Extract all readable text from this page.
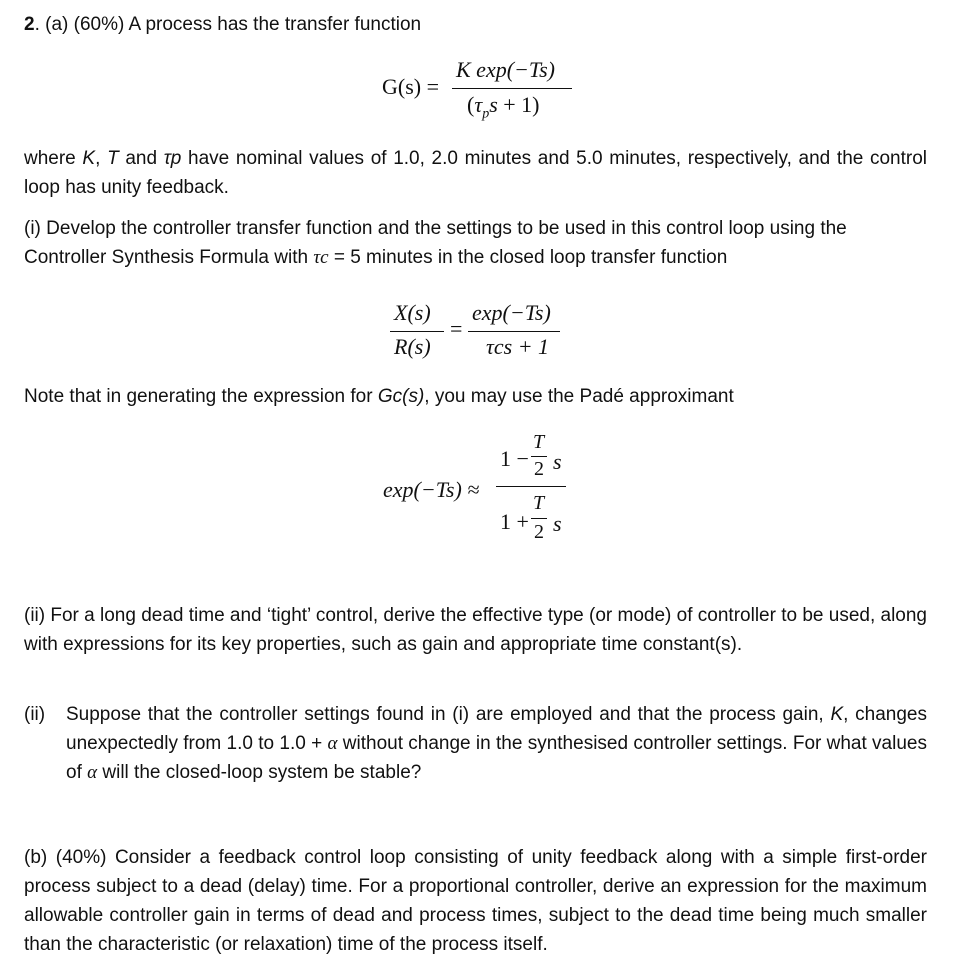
2. (a) (60%) A process has the transfer function
G(s) =
K exp(−Ts)
$(\tau_ps + 1)$
where K, T and τp have nominal values of 1.0, 2.0 minutes and 5.0 minutes, respectively, and the control loop has unity feedback.
(i) Develop the controller transfer function and the settings to be used in this control loop using the
Controller Synthesis Formula with τc = 5 minutes in the closed loop transfer function
X(s)
R(s)
=
exp(−Ts)
τcs + 1
Note that in generating the expression for Gc(s), you may use the Padé approximant
exp(−Ts) ≈
1 −
T
2 s
1 +
T
2 s
(ii) For a long dead time and ‘tight’ control, derive the effective type (or mode) of controller to be used, along with expressions for its key properties, such as gain and appropriate time constant(s).
(ii) Suppose that the controller settings found in (i) are employed and that the process gain, K, changes unexpectedly from 1.0 to 1.0 + α without change in the synthesised controller settings. For what values of α will the closed-loop system be stable?
(b) (40%) Consider a feedback control loop consisting of unity feedback along with a simple first-order process subject to a dead (delay) time. For a proportional controller, derive an expression for the maximum allowable controller gain in terms of dead and process times, subject to the dead time being much smaller than the characteristic (or relaxation) time of the process itself.
